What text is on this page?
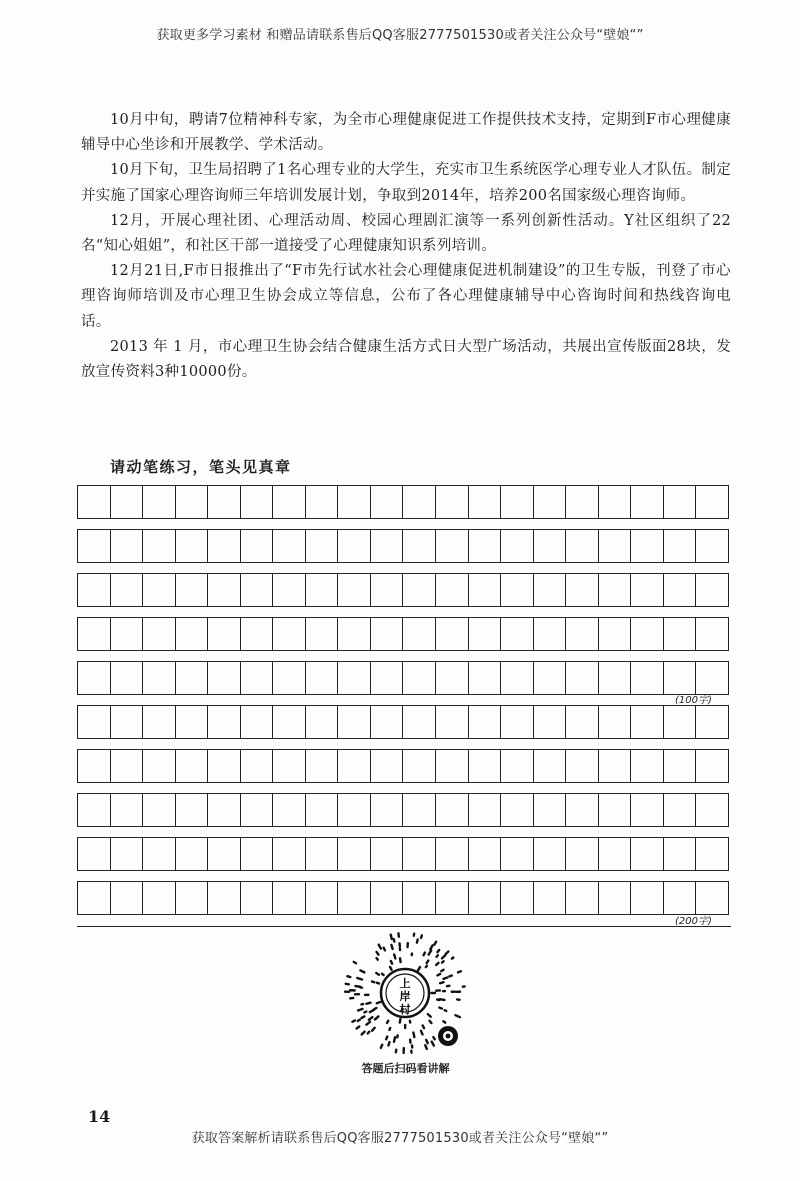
获取更多学习素材 和赠品请联系售后QQ客服2777501530或者关注公众号“壁娘“”

10月中旬，聘请7位精神科专家，为全市心理健康促进工作提供技术支持，定期到F市心理健康辅导中心坐诊和开展教学、学术活动。

10月下旬，卫生局招聘了1名心理专业的大学生，充实市卫生系统医学心理专业人才队伍。制定并实施了国家心理咨询师三年培训发展计划，争取到2014年，培养200名国家级心理咨询师。

12月，开展心理社团、心理活动周、校园心理剧汇演等一系列创新性活动。Y社区组织了22名“知心姐姐”，和社区干部一道接受了心理健康知识系列培训。

12月21日,F市日报推出了“F市先行试水社会心理健康促进机制建设”的卫生专版，刊登了市心理咨询师培训及市心理卫生协会成立等信息，公布了各心理健康辅导中心咨询时间和热线咨询电话。

2013 年 1 月，市心理卫生协会结合健康生活方式日大型广场活动，共展出宣传版面28块，发放宣传资料3种10000份。

请动笔练习，笔头见真章
(100字)
(200字)
上
岸
村
答题后扫码看讲解
14
获取答案解析请联系售后QQ客服2777501530或者关注公众号“壁娘“”
